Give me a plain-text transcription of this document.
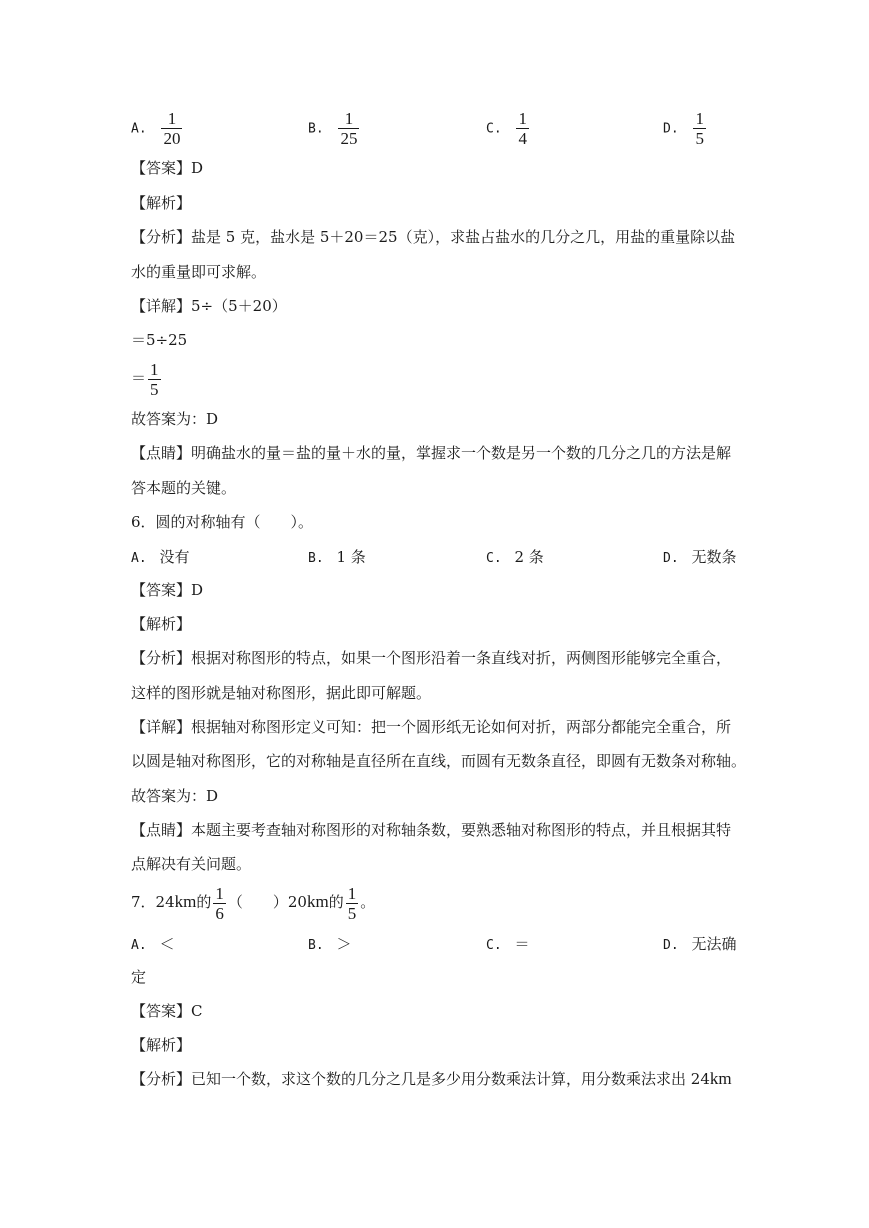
A. $\frac{1}{20}$	B. $\frac{1}{25}$	C. $\frac{1}{4}$	D. $\frac{1}{5}$
【答案】D
【解析】
【分析】盐是 5 克，盐水是 5＋20＝25（克），求盐占盐水的几分之几，用盐的重量除以盐
水的重量即可求解。
【详解】5÷（5＋20）
＝5÷25
＝ $\frac{1}{5}$
故答案为：D
【点睛】明确盐水的量＝盐的量＋水的量，掌握求一个数是另一个数的几分之几的方法是解
答本题的关键。
6．圆的对称轴有（　　）。
A. 没有	B. 1 条	C. 2 条	D. 无数条
【答案】D
【解析】
【分析】根据对称图形的特点，如果一个图形沿着一条直线对折，两侧图形能够完全重合，
这样的图形就是轴对称图形，据此即可解题。
【详解】根据轴对称图形定义可知：把一个圆形纸无论如何对折，两部分都能完全重合，所
以圆是轴对称图形，它的对称轴是直径所在直线，而圆有无数条直径，即圆有无数条对称轴。
故答案为：D
【点睛】本题主要考查轴对称图形的对称轴条数，要熟悉轴对称图形的特点，并且根据其特
点解决有关问题。
7．24km的 $\frac{1}{6}$ （　　）20km的 $\frac{1}{5}$ 。
A. ＜	B. ＞	C. ＝	D. 无法确
定
【答案】C
【解析】
【分析】已知一个数，求这个数的几分之几是多少用分数乘法计算，用分数乘法求出 24km
